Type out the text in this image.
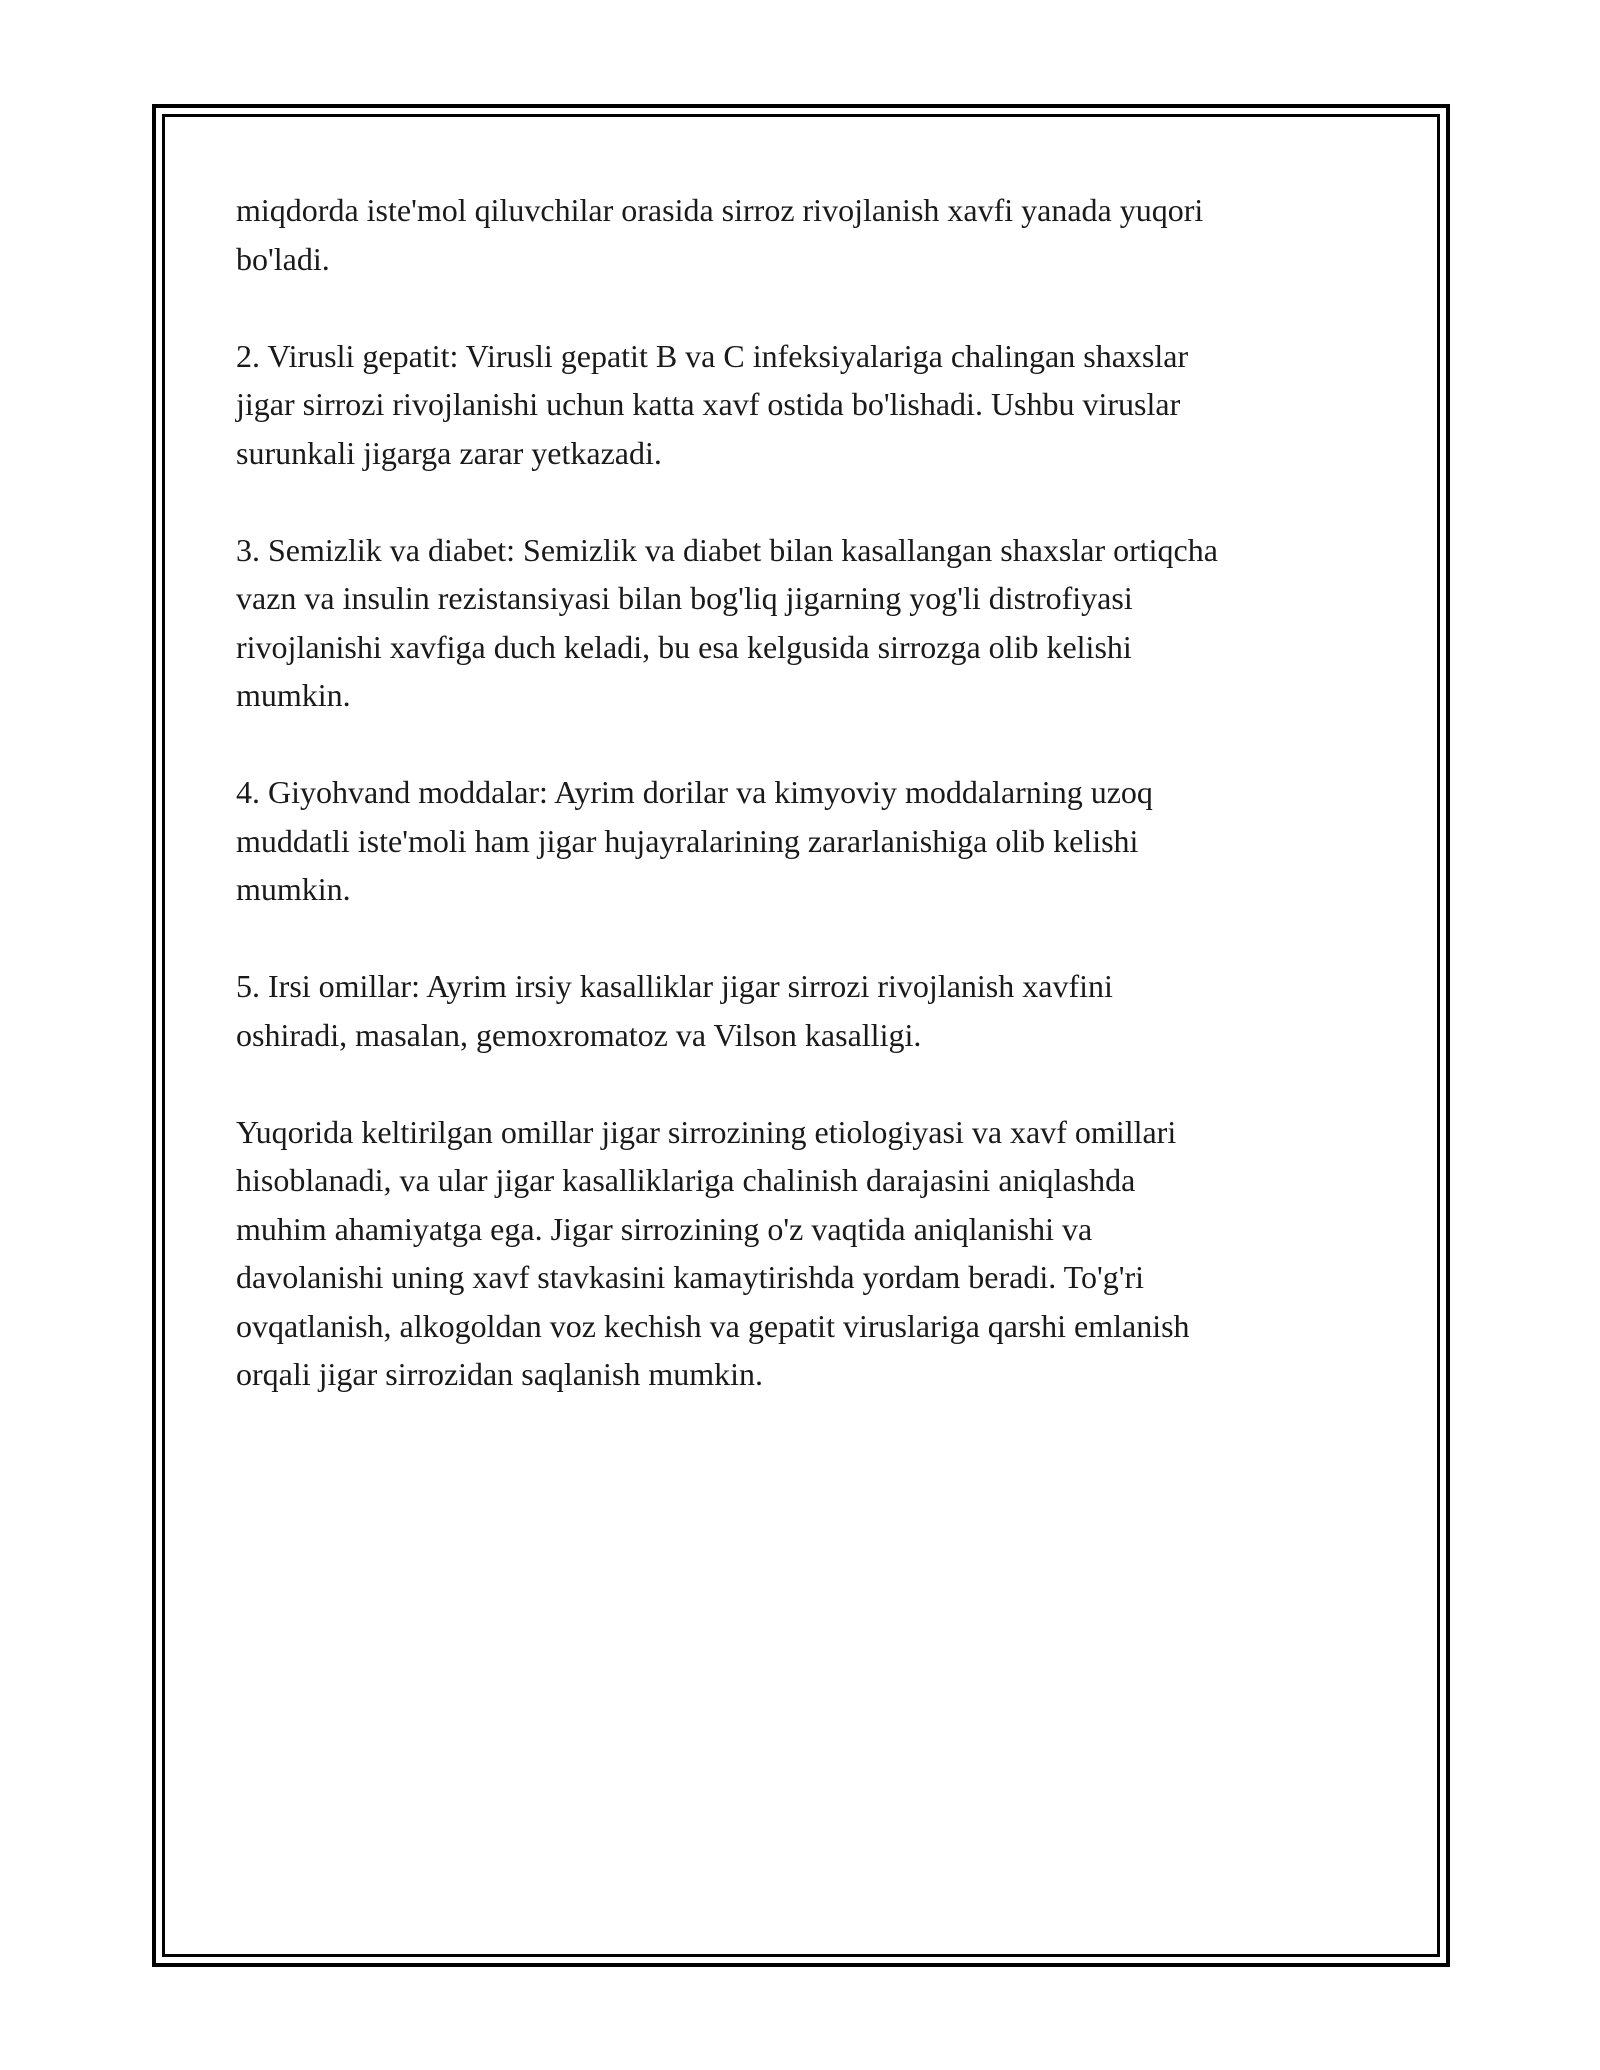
miqdorda iste'mol qiluvchilar orasida sirroz rivojlanish xavfi yanada yuqori
bo'ladi.

2. Virusli gepatit: Virusli gepatit B va C infeksiyalariga chalingan shaxslar
jigar sirrozi rivojlanishi uchun katta xavf ostida bo'lishadi. Ushbu viruslar
surunkali jigarga zarar yetkazadi.

3. Semizlik va diabet: Semizlik va diabet bilan kasallangan shaxslar ortiqcha
vazn va insulin rezistansiyasi bilan bog'liq jigarning yog'li distrofiyasi
rivojlanishi xavfiga duch keladi, bu esa kelgusida sirrozga olib kelishi
mumkin.

4. Giyohvand moddalar: Ayrim dorilar va kimyoviy moddalarning uzoq
muddatli iste'moli ham jigar hujayralarining zararlanishiga olib kelishi
mumkin.

5. Irsi omillar: Ayrim irsiy kasalliklar jigar sirrozi rivojlanish xavfini
oshiradi, masalan, gemoxromatoz va Vilson kasalligi.

Yuqorida keltirilgan omillar jigar sirrozining etiologiyasi va xavf omillari
hisoblanadi, va ular jigar kasalliklariga chalinish darajasini aniqlashda
muhim ahamiyatga ega. Jigar sirrozining o'z vaqtida aniqlanishi va
davolanishi uning xavf stavkasini kamaytirishda yordam beradi. To'g'ri
ovqatlanish, alkogoldan voz kechish va gepatit viruslariga qarshi emlanish
orqali jigar sirrozidan saqlanish mumkin.
